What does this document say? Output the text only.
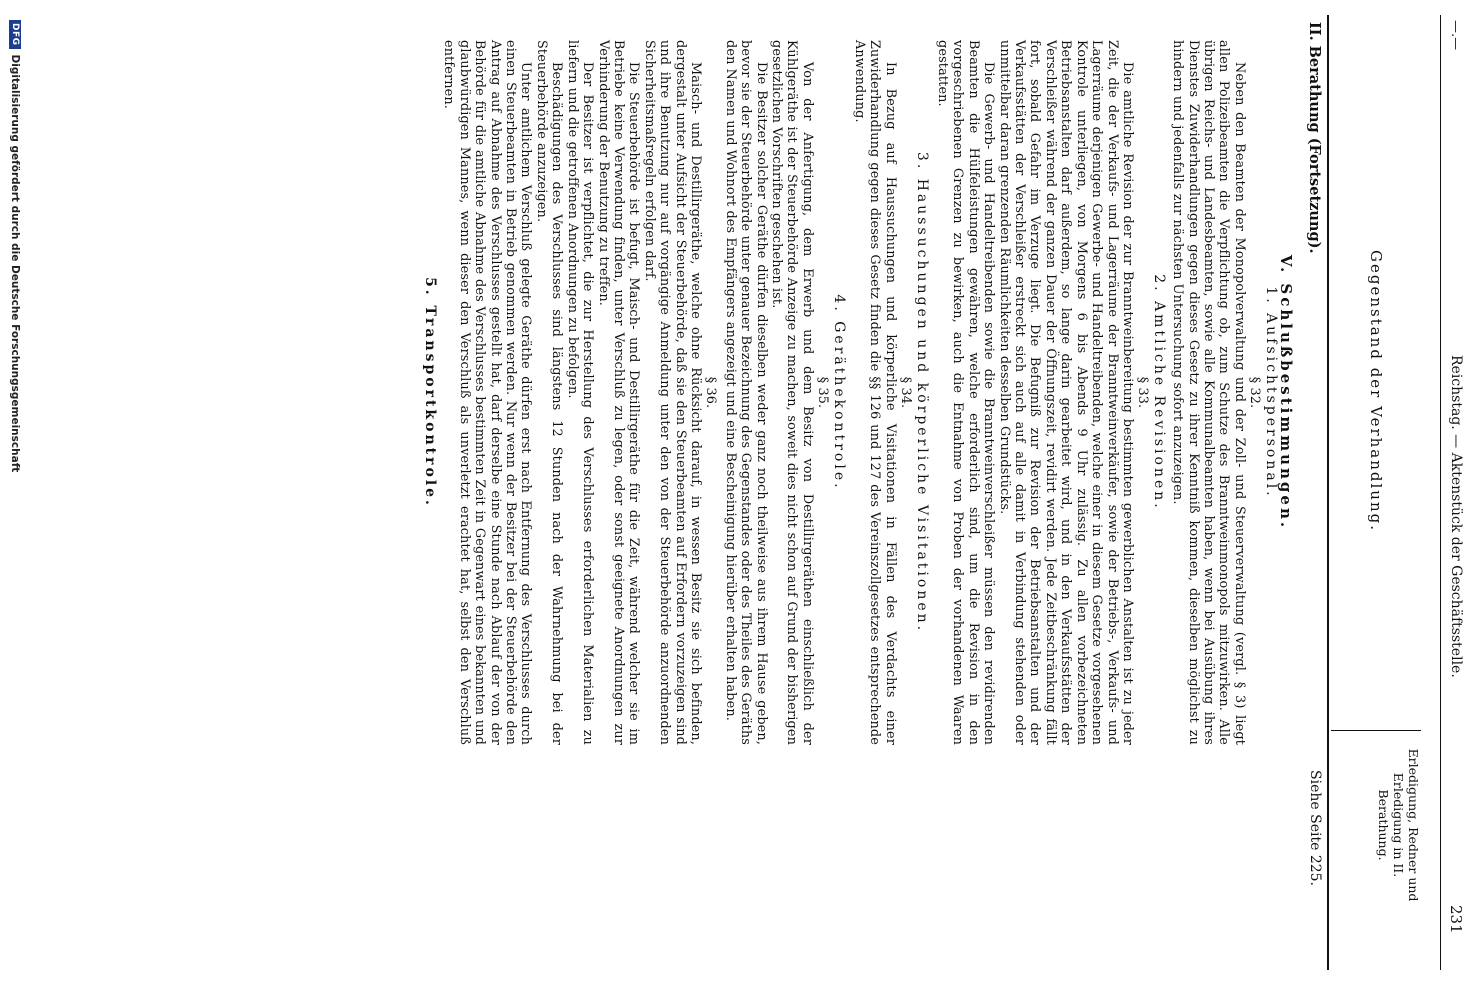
—.—
Reichstag. — Aktenstück der Geschäftsstelle.
231
Gegenstand der Verhandlung.
Erledigung, Redner und Erledigung in II. Berathung.
II. Berathung (Fortsetzung).
Siehe Seite 225.
V. Schlußbestimmungen.
1. Aufsichtspersonal.
§ 32.

Neben den Beamten der Monopolverwaltung und der Zoll- und Steuerverwaltung (vergl. § 3) liegt allen Polizeibeamten die Verpflichtung ob, zum Schutze des Branntweinmonopols mitzuwirken. Alle übrigen Reichs- und Landesbeamten, sowie alle Kommunalbeamten haben, wenn bei Ausübung ihres Dienstes Zuwiderhandlungen gegen dieses Gesetz zu ihrer Kenntniß kommen, dieselben möglichst zu hindern und jedenfalls zur nächsten Untersuchung sofort anzuzeigen.

2. Amtliche Revisionen.
§ 33.

Die amtliche Revision der zur Branntweinbereitung bestimmten gewerblichen Anstalten ist zu jeder Zeit, die der Verkaufs- und Lagerräume der Branntweinverkäufer, sowie der Betriebs-, Verkaufs- und Lagerräume derjenigen Gewerbe- und Handeltreibenden, welche einer in diesem Gesetze vorgesehenen Kontrole unterliegen, von Morgens 6 bis Abends 9 Uhr zulässig. Zu allen vorbezeichneten Betriebsanstalten darf außerdem, so lange darin gearbeitet wird, und in den Verkaufsstätten der Verschleißer während der ganzen Dauer der Öffnungszeit, revidirt werden. Jede Zeitbeschränkung fällt fort, sobald Gefahr im Verzuge liegt. Die Befugniß zur Revision der Betriebsanstalten und der Verkaufsstätten der Verschleißer erstreckt sich auch auf alle damit in Verbindung stehenden oder unmittelbar daran grenzenden Räumlichkeiten desselben Grundstücks.

Die Gewerb- und Handeltreibenden sowie die Branntweinverschleißer müssen den revidirenden Beamten die Hülfeleistungen gewähren, welche erforderlich sind, um die Revision in den vorgeschriebenen Grenzen zu bewirken, auch die Entnahme von Proben der vorhandenen Waaren gestatten.

3. Haussuchungen und körperliche Visitationen.
§ 34.

In Bezug auf Haussuchungen und körperliche Visitationen in Fällen des Verdachts einer Zuwiderhandlung gegen dieses Gesetz finden die §§ 126 und 127 des Vereinszollgesetzes entsprechende Anwendung.

4. Geräthekontrole.
§ 35.

Von der Anfertigung, dem Erwerb und dem Besitz von Destillirgeräthen einschließlich der Kühlgeräthe ist der Steuerbehörde Anzeige zu machen, soweit dies nicht schon auf Grund der bisherigen gesetzlichen Vorschriften geschehen ist.

Die Besitzer solcher Geräthe dürfen dieselben weder ganz noch theilweise aus ihrem Hause geben, bevor sie der Steuerbehörde unter genauer Bezeichnung des Gegenstandes oder des Theiles des Geräths den Namen und Wohnort des Empfängers angezeigt und eine Bescheinigung hierüber erhalten haben.

§ 36.

Maisch- und Destillirgeräthe, welche ohne Rücksicht darauf, in wessen Besitz sie sich befinden, dergestalt unter Aufsicht der Steuerbehörde, daß sie den Steuerbeamten auf Erfordern vorzuzeigen sind und ihre Benutzung nur auf vorgängige Anmeldung unter den von der Steuerbehörde anzuordnenden Sicherheitsmaßregeln erfolgen darf.

Die Steuerbehörde ist befugt, Maisch- und Destillirgeräthe für die Zeit, während welcher sie im Betriebe keine Verwendung finden, unter Verschluß zu legen, oder sonst geeignete Anordnungen zur Verhinderung der Benutzung zu treffen.

Der Besitzer ist verpflichtet, die zur Herstellung des Verschlusses erforderlichen Materialien zu liefern und die getroffenen Anordnungen zu befolgen.

Beschädigungen des Verschlusses sind längstens 12 Stunden nach der Wahrnehmung bei der Steuerbehörde anzuzeigen.

Unter amtlichem Verschluß gelegte Geräthe dürfen erst nach Entfernung des Verschlusses durch einen Steuerbeamten in Betrieb genommen werden. Nur wenn der Besitzer bei der Steuerbehörde den Antrag auf Abnahme des Verschlusses gestellt hat, darf derselbe eine Stunde nach Ablauf der von der Behörde für die amtliche Abnahme des Verschlusses bestimmten Zeit in Gegenwart eines bekannten und glaubwürdigen Mannes, wenn dieser den Verschluß als unverletzt erachtet hat, selbst den Verschluß entfernen.

5. Transportkontrole.
DFG
Digitalisierung gefördert durch die Deutsche Forschungsgemeinschaft
